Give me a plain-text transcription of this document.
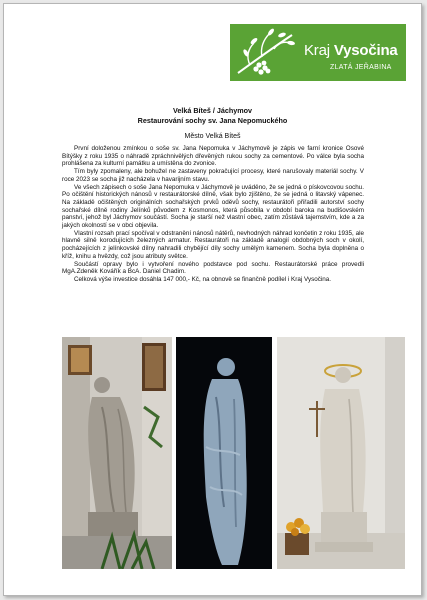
Kraj Vysočina
ZLATÁ JEŘABINA
Velká Bíteš / Jáchymov
Restaurování sochy sv. Jana Nepomuckého
Město Velká Bíteš

První doloženou zmínkou o soše sv. Jana Nepomuka v Jáchymově je zápis ve farní kronice Osové Bítýšky z roku 1935 o náhradě zpráchnivělých dřevěných rukou sochy za cementové. Po válce byla socha prohlášena za kulturní památku a umístěna do zvonice.

Tím byly zpomaleny, ale bohužel ne zastaveny pokračující procesy, které narušovaly materiál sochy. V roce 2023 se socha již nacházela v havarijním stavu.

Ve všech zápisech o soše Jana Nepomuka v Jáchymově je uváděno, že se jedná o pískovcovou sochu. Po očištění historických nánosů v restaurátorské dílně, však bylo zjištěno, že se jedná o litavský vápenec. Na základě očištěných originálních sochařských prvků oděvů sochy, restaurátoři přiřadili autorství sochy sochařské dílně rodiny Jelínků původem z Kosmonos, která působila v období baroka na budišovském panství, jehož byl Jáchymov součástí. Socha je starší než vlastní obec, zatím zůstává tajemstvím, kde a za jakých okolností se v obci objevila.

Vlastní rozsah prací spočíval v odstranění nánosů nátěrů, nevhodných náhrad končetin z roku 1935, ale hlavně silně korodujících železných armatur. Restaurátoři na základě analogií obdobných soch v okolí, pocházejících z jelínkovské dílny nahradili chybějící díly sochy umělým kamenem. Socha byla doplněna o kříž, knihu a hvězdy, což jsou atributy světce.

Součástí opravy bylo i vytvoření nového podstavce pod sochu. Restaurátorské práce provedli MgA.Zdeněk Kovářík a BcA. Daniel Chadim.

Celková výše investice dosáhla 147 000,- Kč, na obnově se finančně podílel i Kraj Vysočina.
